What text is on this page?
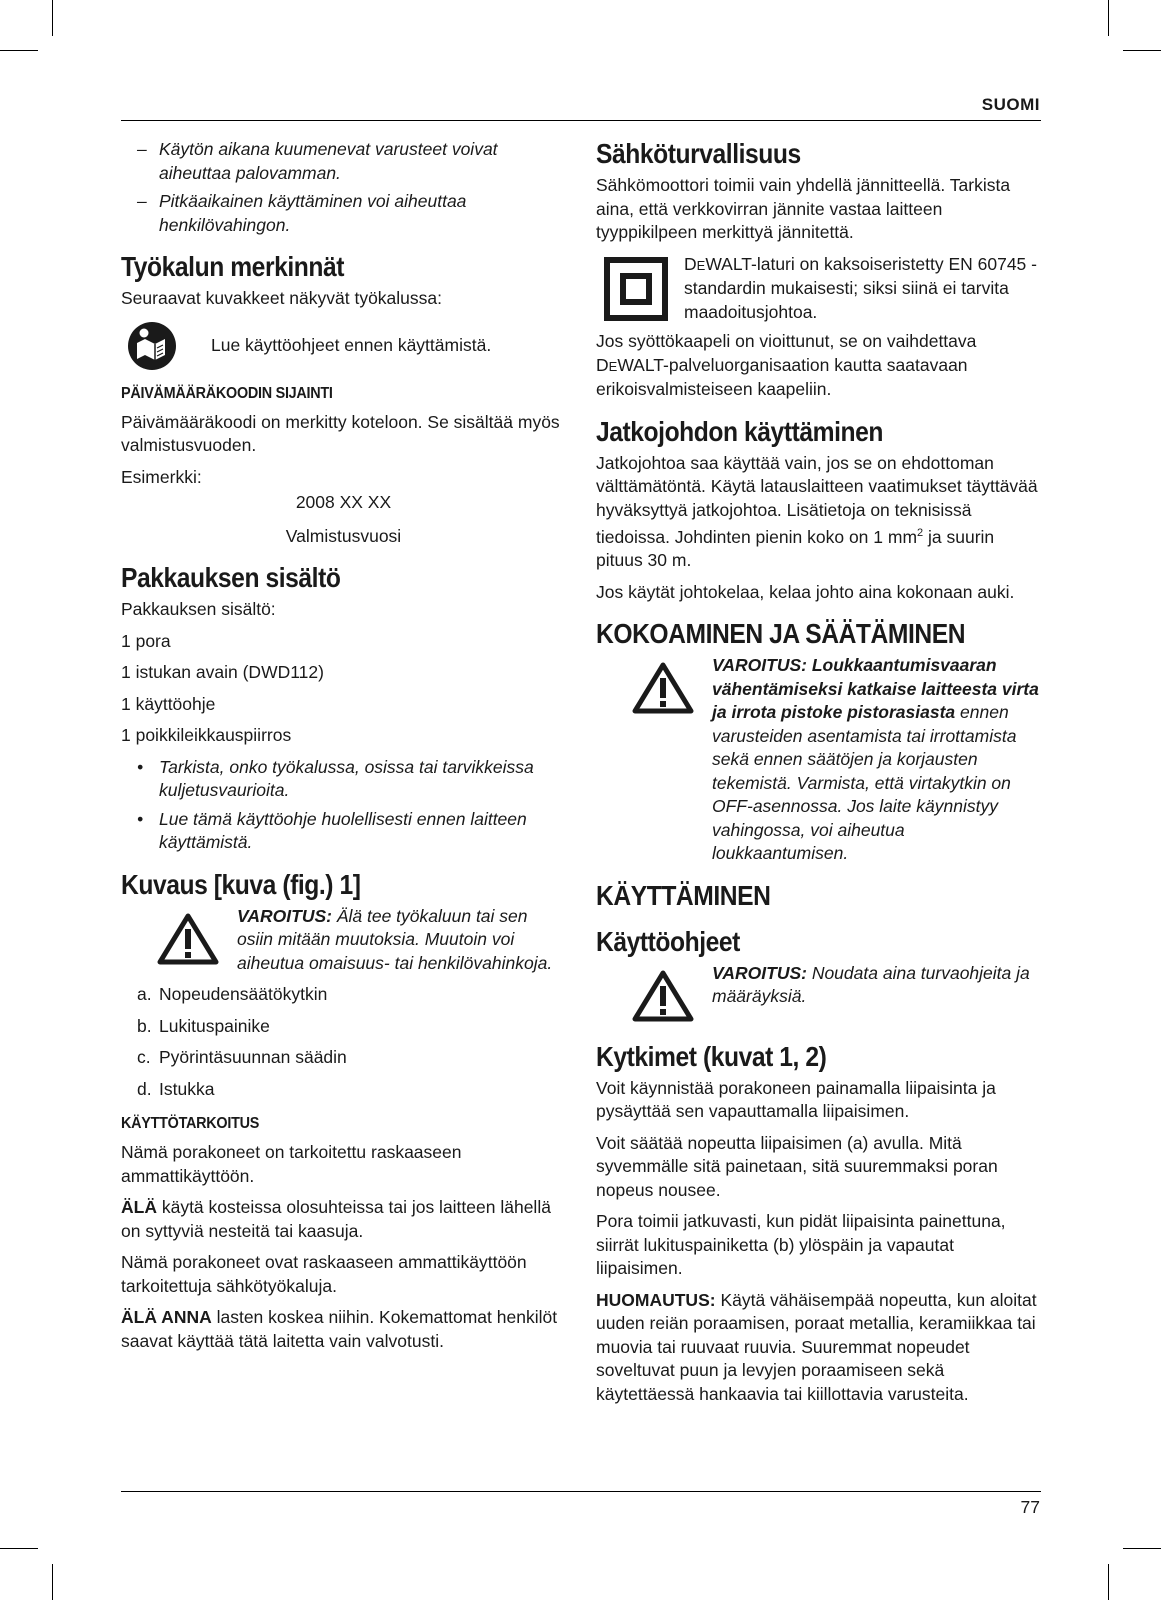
SUOMI
– Käytön aikana kuumenevat varusteet voivat aiheuttaa palovamman.
– Pitkäaikainen käyttäminen voi aiheuttaa henkilövahingon.
Työkalun merkinnät

Seuraavat kuvakkeet näkyvät työkalussa:

Lue käyttöohjeet ennen käyttämistä.
PÄIVÄMÄÄRÄKOODIN SIJAINTI

Päivämääräkoodi on merkitty koteloon. Se sisältää myös valmistusvuoden.

Esimerkki:

2008 XX XX

Valmistusvuosi

Pakkauksen sisältö

Pakkauksen sisältö:

1 pora

1 istukan avain (DWD112)

1 käyttöohje

1 poikkileikkauspiirros

• Tarkista, onko työkalussa, osissa tai tarvikkeissa kuljetusvaurioita.
• Lue tämä käyttöohje huolellisesti ennen laitteen käyttämistä.
Kuvaus [kuva (fig.) 1]
VAROITUS: Älä tee työkaluun tai sen osiin mitään muutoksia. Muutoin voi aiheutua omaisuus- tai henkilövahinkoja.
a. Nopeudensäätökytkin
b. Lukituspainike
c. Pyörintäsuunnan säädin
d. Istukka
KÄYTTÖTARKOITUS

Nämä porakoneet on tarkoitettu raskaaseen ammattikäyttöön.

ÄLÄ käytä kosteissa olosuhteissa tai jos laitteen lähellä on syttyviä nesteitä tai kaasuja.

Nämä porakoneet ovat raskaaseen ammattikäyttöön tarkoitettuja sähkötyökaluja.

ÄLÄ ANNA lasten koskea niihin. Kokemattomat henkilöt saavat käyttää tätä laitetta vain valvotusti.

Sähköturvallisuus

Sähkömoottori toimii vain yhdellä jännitteellä. Tarkista aina, että verkkovirran jännite vastaa laitteen tyyppikilpeen merkittyä jännitettä.

DEWALT-laturi on kaksoiseristetty EN 60745 -standardin mukaisesti; siksi siinä ei tarvita maadoitusjohtoa.

Jos syöttökaapeli on vioittunut, se on vaihdettava DEWALT-palveluorganisaation kautta saatavaan erikoisvalmisteiseen kaapeliin.

Jatkojohdon käyttäminen

Jatkojohtoa saa käyttää vain, jos se on ehdottoman välttämätöntä. Käytä latauslaitteen vaatimukset täyttävää hyväksyttyä jatkojohtoa. Lisätietoja on teknisissä tiedoissa. Johdinten pienin koko on 1 $mm^2$ ja suurin pituus 30 m.

Jos käytät johtokelaa, kelaa johto aina kokonaan auki.

KOKOAMINEN JA SÄÄTÄMINEN
VAROITUS: Loukkaantumisvaaran vähentämiseksi katkaise laitteesta virta ja irrota pistoke pistorasiasta ennen varusteiden asentamista tai irrottamista sekä ennen säätöjen ja korjausten tekemistä. Varmista, että virtakytkin on OFF-asennossa. Jos laite käynnistyy vahingossa, voi aiheutua loukkaantumisen.
KÄYTTÄMINEN
Käyttöohjeet
VAROITUS: Noudata aina turvaohjeita ja määräyksiä.
Kytkimet (kuvat 1, 2)

Voit käynnistää porakoneen painamalla liipaisinta ja pysäyttää sen vapauttamalla liipaisimen.

Voit säätää nopeutta liipaisimen (a) avulla. Mitä syvemmälle sitä painetaan, sitä suuremmaksi poran nopeus nousee.

Pora toimii jatkuvasti, kun pidät liipaisinta painettuna, siirrät lukituspainiketta (b) ylöspäin ja vapautat liipaisimen.

HUOMAUTUS: Käytä vähäisempää nopeutta, kun aloitat uuden reiän poraamisen, poraat metallia, keramiikkaa tai muovia tai ruuvaat ruuvia. Suuremmat nopeudet soveltuvat puun ja levyjen poraamiseen sekä käytettäessä hankaavia tai kiillottavia varusteita.

77
